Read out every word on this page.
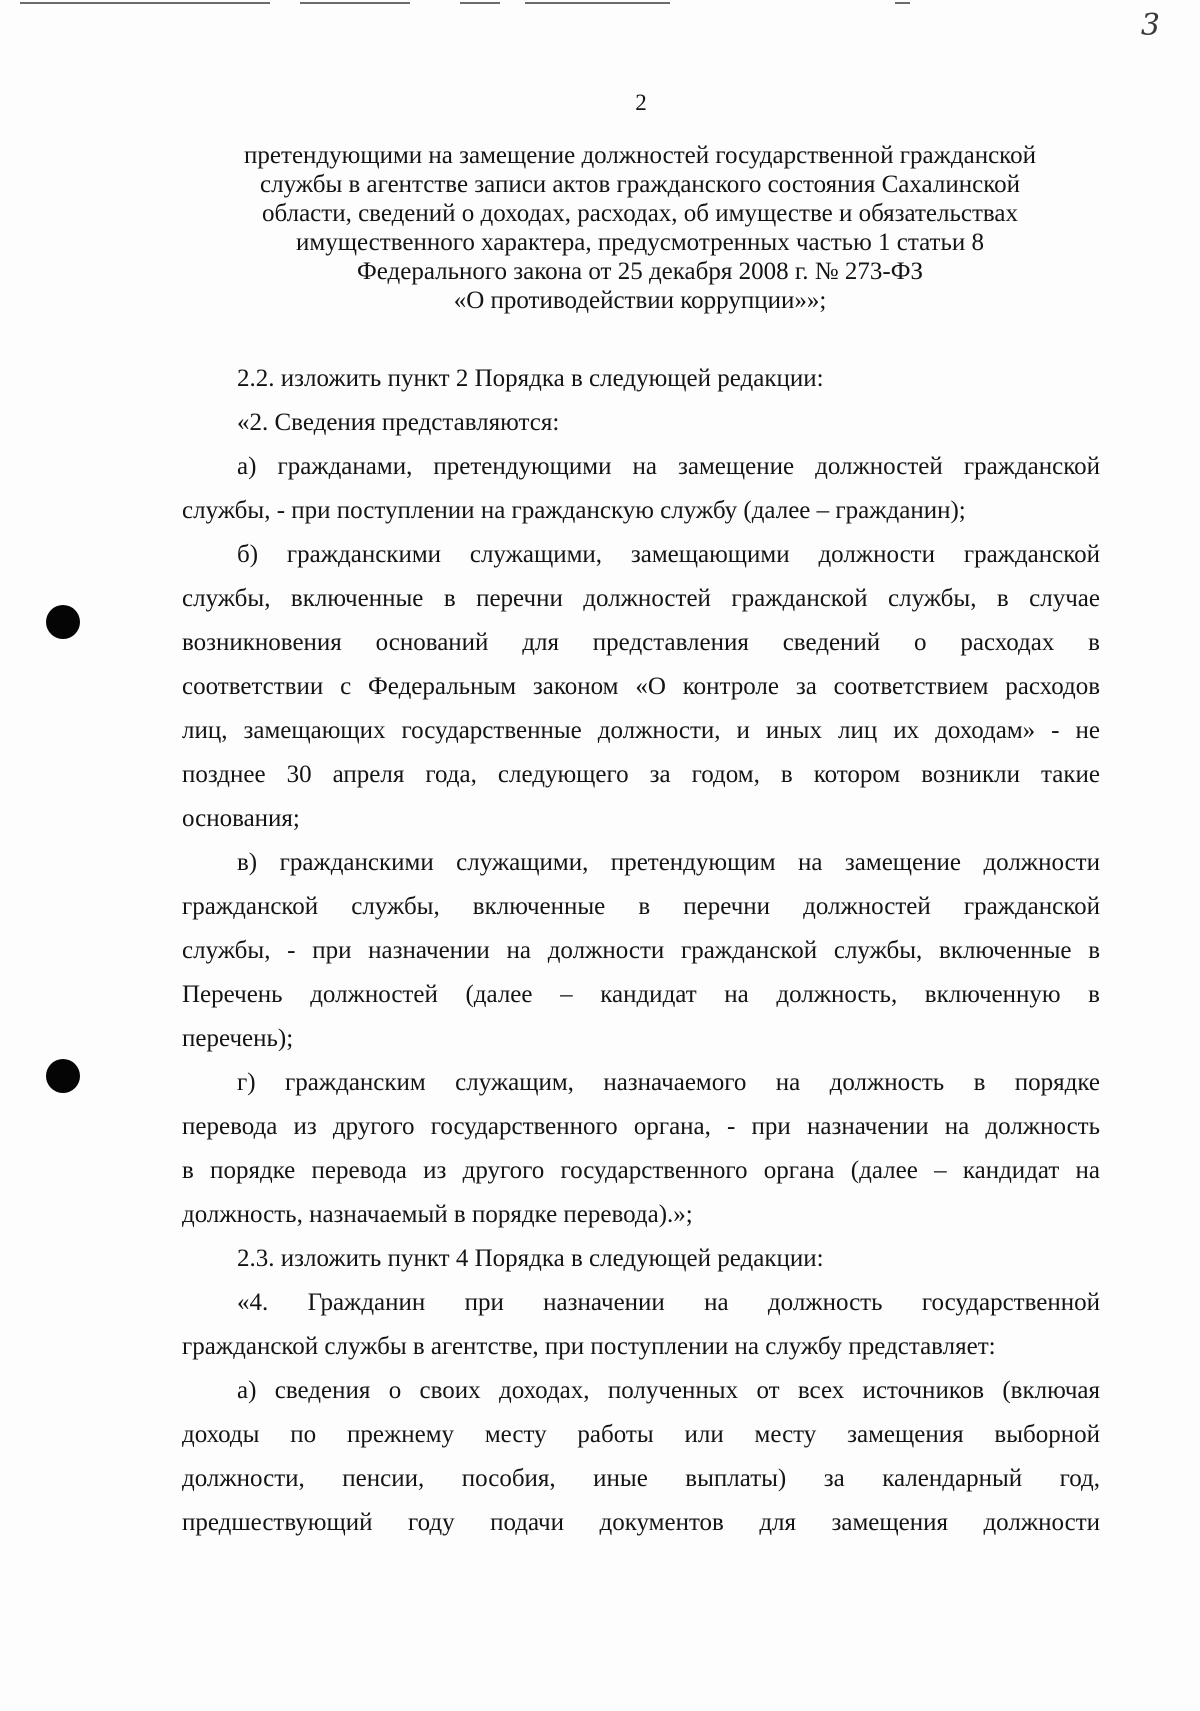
3
2
претендующими на замещение должностей государственной гражданской
службы в агентстве записи актов гражданского состояния Сахалинской
области, сведений о доходах, расходах, об имуществе и обязательствах
имущественного характера, предусмотренных частью 1 статьи 8
Федерального закона от 25 декабря 2008 г. № 273-ФЗ
«О противодействии коррупции»»;
2.2. изложить пункт 2 Порядка в следующей редакции:
«2. Сведения представляются:
а) гражданами, претендующими на замещение должностей гражданской
службы, - при поступлении на гражданскую службу (далее – гражданин);
б) гражданскими служащими, замещающими должности гражданской
службы, включенные в перечни должностей гражданской службы, в случае
возникновения оснований для представления сведений о расходах в
соответствии с Федеральным законом «О контроле за соответствием расходов
лиц, замещающих государственные должности, и иных лиц их доходам» - не
позднее 30 апреля года, следующего за годом, в котором возникли такие
основания;
в) гражданскими служащими, претендующим на замещение должности
гражданской службы, включенные в перечни должностей гражданской
службы, - при назначении на должности гражданской службы, включенные в
Перечень должностей (далее – кандидат на должность, включенную в
перечень);
г) гражданским служащим, назначаемого на должность в порядке
перевода из другого государственного органа, - при назначении на должность
в порядке перевода из другого государственного органа (далее – кандидат на
должность, назначаемый в порядке перевода).»;
2.3. изложить пункт 4 Порядка в следующей редакции:
«4. Гражданин при назначении на должность государственной
гражданской службы в агентстве, при поступлении на службу представляет:
а) сведения о своих доходах, полученных от всех источников (включая
доходы по прежнему месту работы или месту замещения выборной
должности, пенсии, пособия, иные выплаты) за календарный год,
предшествующий году подачи документов для замещения должности
